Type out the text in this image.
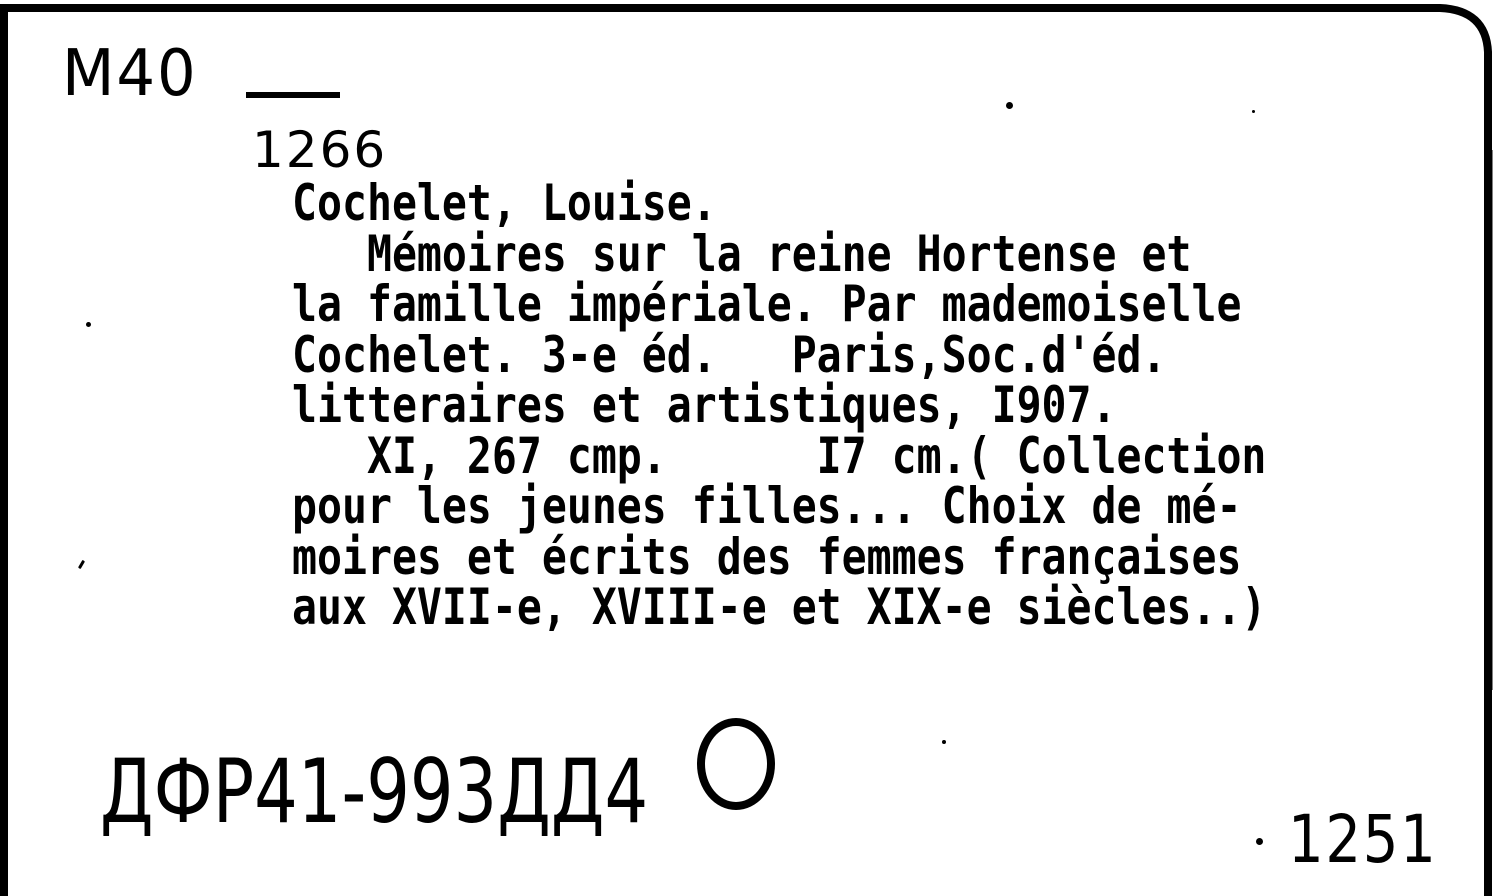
M40
1266
Cochelet, Louise.
Mémoires sur la reine Hortense et
la famille impériale. Par mademoiselle
Cochelet. 3-e éd.   Paris,Soc.d'éd.
litteraires et artistiques, I907.
XI, 267 cmp.      I7 cm.( Collection
pour les jeunes filles... Choix de mé-
moires et écrits des femmes françaises
aux XVII-e, XVIII-e et XIX-e siècles..)
ДФР41-993ДД4	1251
